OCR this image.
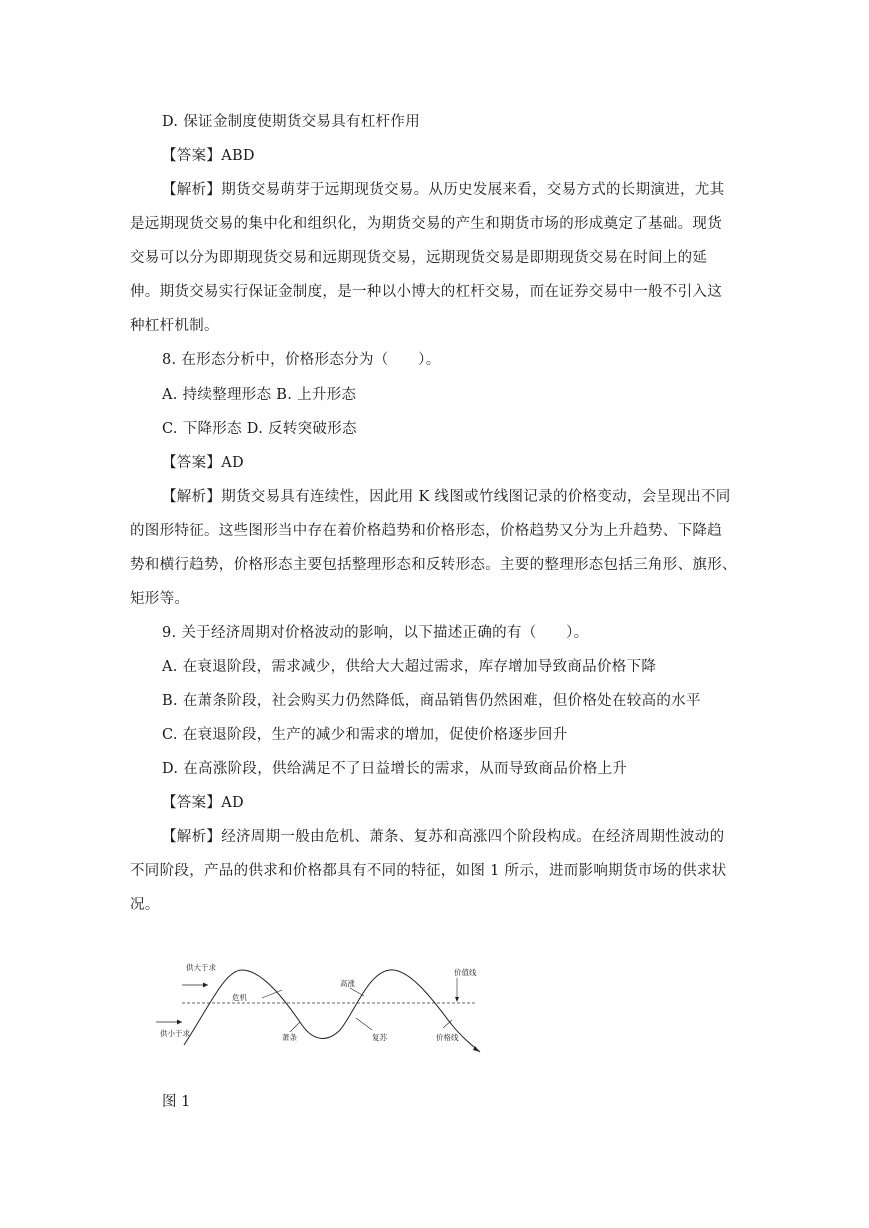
D. 保证金制度使期货交易具有杠杆作用
【答案】ABD
【解析】期货交易萌芽于远期现货交易。从历史发展来看，交易方式的长期演进，尤其
是远期现货交易的集中化和组织化，为期货交易的产生和期货市场的形成奠定了基础。现货
交易可以分为即期现货交易和远期现货交易，远期现货交易是即期现货交易在时间上的延
伸。期货交易实行保证金制度，是一种以小博大的杠杆交易，而在证券交易中一般不引入这
种杠杆机制。
8. 在形态分析中，价格形态分为（　　）。
A. 持续整理形态 B. 上升形态
C. 下降形态 D. 反转突破形态
【答案】AD
【解析】期货交易具有连续性，因此用 K 线图或竹线图记录的价格变动，会呈现出不同
的图形特征。这些图形当中存在着价格趋势和价格形态，价格趋势又分为上升趋势、下降趋
势和横行趋势，价格形态主要包括整理形态和反转形态。主要的整理形态包括三角形、旗形、
矩形等。
9. 关于经济周期对价格波动的影响，以下描述正确的有（　　）。
A. 在衰退阶段，需求减少，供给大大超过需求，库存增加导致商品价格下降
B. 在萧条阶段，社会购买力仍然降低，商品销售仍然困难，但价格处在较高的水平
C. 在衰退阶段，生产的减少和需求的增加，促使价格逐步回升
D. 在高涨阶段，供给满足不了日益增长的需求，从而导致商品价格上升
【答案】AD
【解析】经济周期一般由危机、萧条、复苏和高涨四个阶段构成。在经济周期性波动的
不同阶段，产品的供求和价格都具有不同的特征，如图 1 所示，进而影响期货市场的供求状
况。
供大于求
供小于求
危机
高涨
萧条	复苏
价值线
价格线
图 1
